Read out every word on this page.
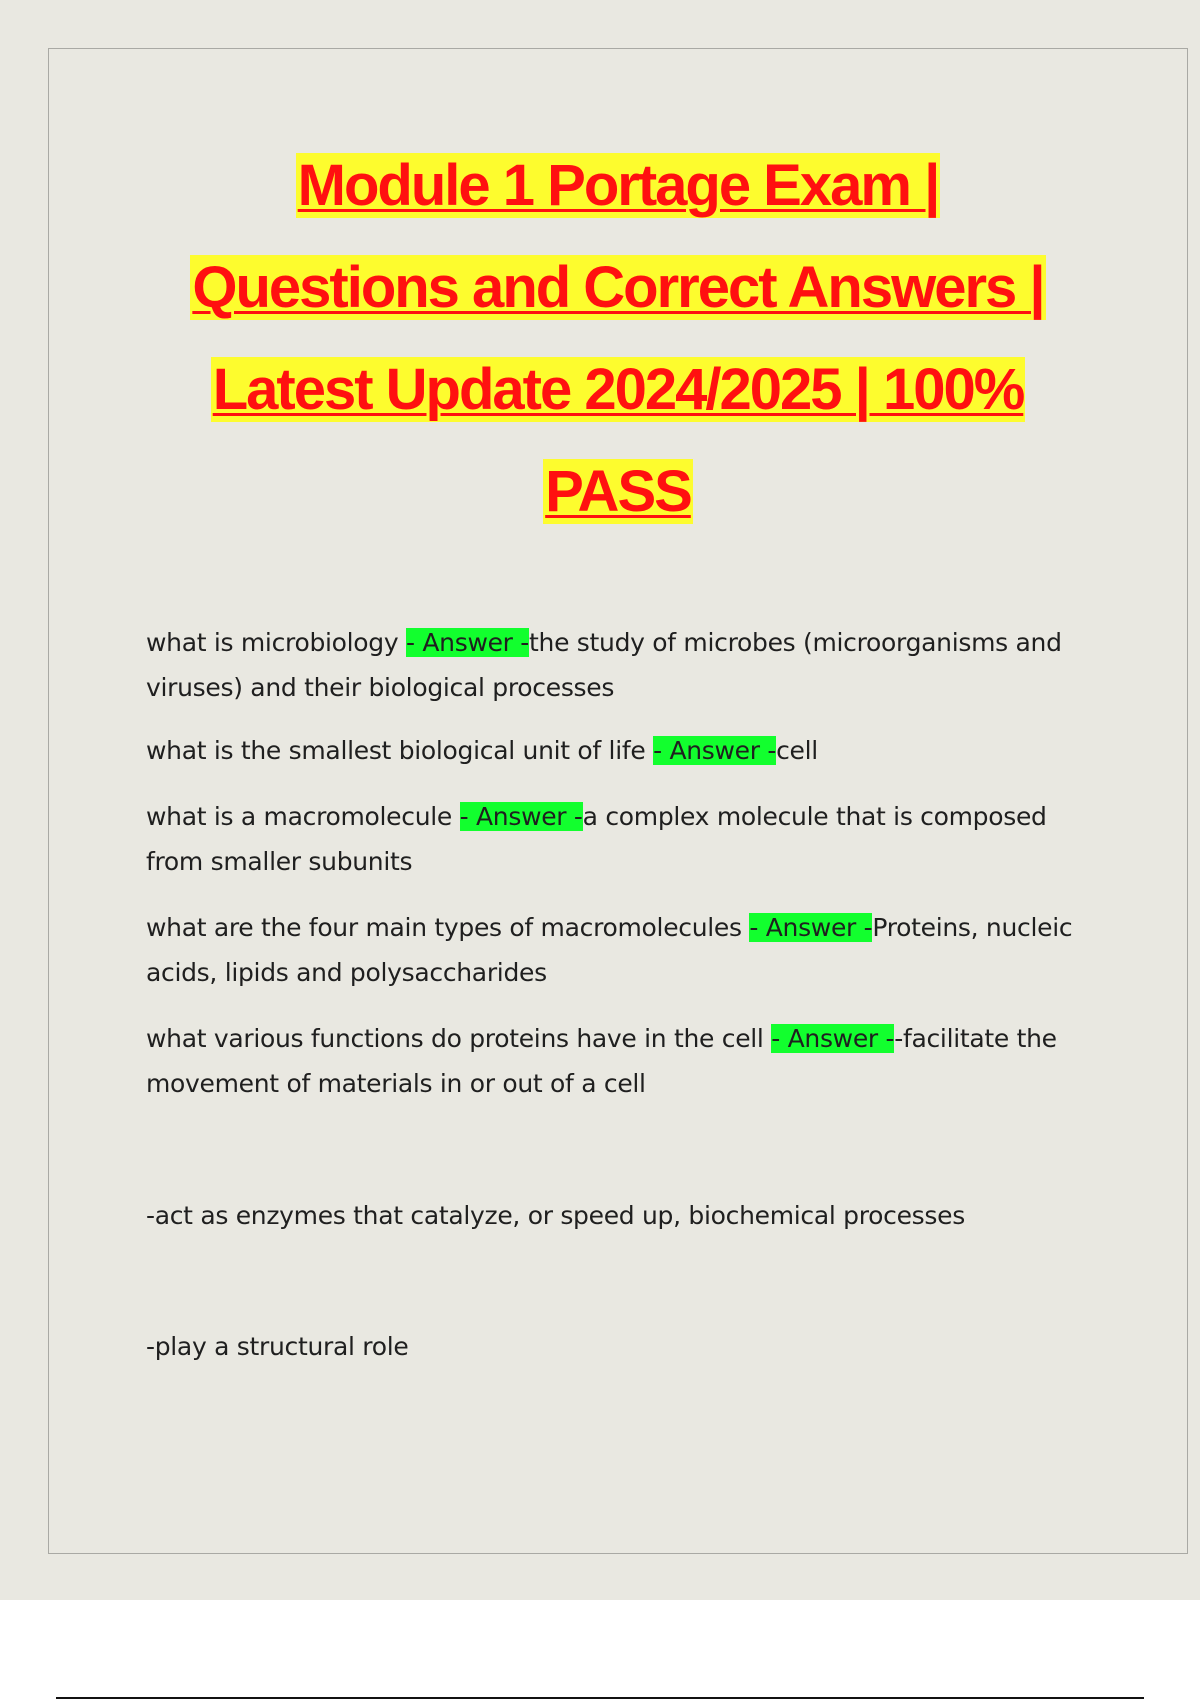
Module 1 Portage Exam |
Questions and Correct Answers |
Latest Update 2024/2025 | 100%
PASS
what is microbiology - Answer -the study of microbes (microorganisms and viruses) and their biological processes
what is the smallest biological unit of life - Answer -cell
what is a macromolecule - Answer -a complex molecule that is composed from smaller subunits
what are the four main types of macromolecules - Answer -Proteins, nucleic acids, lipids and polysaccharides
what various functions do proteins have in the cell - Answer --facilitate the movement of materials in or out of a cell
-act as enzymes that catalyze, or speed up, biochemical processes
-play a structural role
